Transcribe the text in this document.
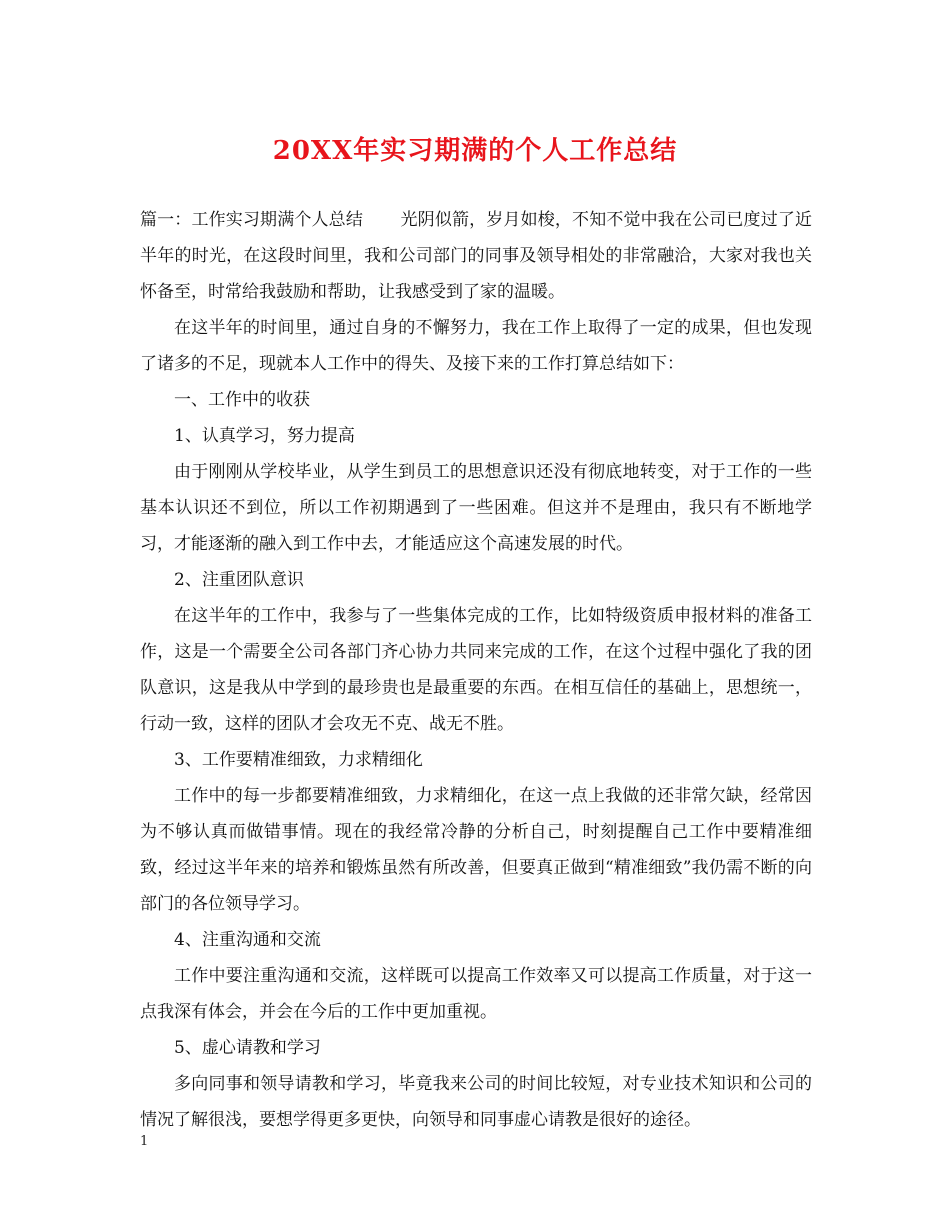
20XX年实习期满的个人工作总结

篇一：工作实习期满个人总结 光阴似箭，岁月如梭，不知不觉中我在公司已度过了近半年的时光，在这段时间里，我和公司部门的同事及领导相处的非常融洽，大家对我也关怀备至，时常给我鼓励和帮助，让我感受到了家的温暖。

在这半年的时间里，通过自身的不懈努力，我在工作上取得了一定的成果，但也发现了诸多的不足，现就本人工作中的得失、及接下来的工作打算总结如下：

一、工作中的收获

1、认真学习，努力提高

由于刚刚从学校毕业，从学生到员工的思想意识还没有彻底地转变，对于工作的一些基本认识还不到位，所以工作初期遇到了一些困难。但这并不是理由，我只有不断地学习，才能逐渐的融入到工作中去，才能适应这个高速发展的时代。

2、注重团队意识

在这半年的工作中，我参与了一些集体完成的工作，比如特级资质申报材料的准备工作，这是一个需要全公司各部门齐心协力共同来完成的工作，在这个过程中强化了我的团队意识，这是我从中学到的最珍贵也是最重要的东西。在相互信任的基础上，思想统一，行动一致，这样的团队才会攻无不克、战无不胜。

3、工作要精准细致，力求精细化

工作中的每一步都要精准细致，力求精细化，在这一点上我做的还非常欠缺，经常因为不够认真而做错事情。现在的我经常冷静的分析自己，时刻提醒自己工作中要精准细致，经过这半年来的培养和锻炼虽然有所改善，但要真正做到“精准细致”我仍需不断的向部门的各位领导学习。

4、注重沟通和交流

工作中要注重沟通和交流，这样既可以提高工作效率又可以提高工作质量，对于这一点我深有体会，并会在今后的工作中更加重视。

5、虚心请教和学习

多向同事和领导请教和学习，毕竟我来公司的时间比较短，对专业技术知识和公司的情况了解很浅，要想学得更多更快，向领导和同事虚心请教是很好的途径。

1
